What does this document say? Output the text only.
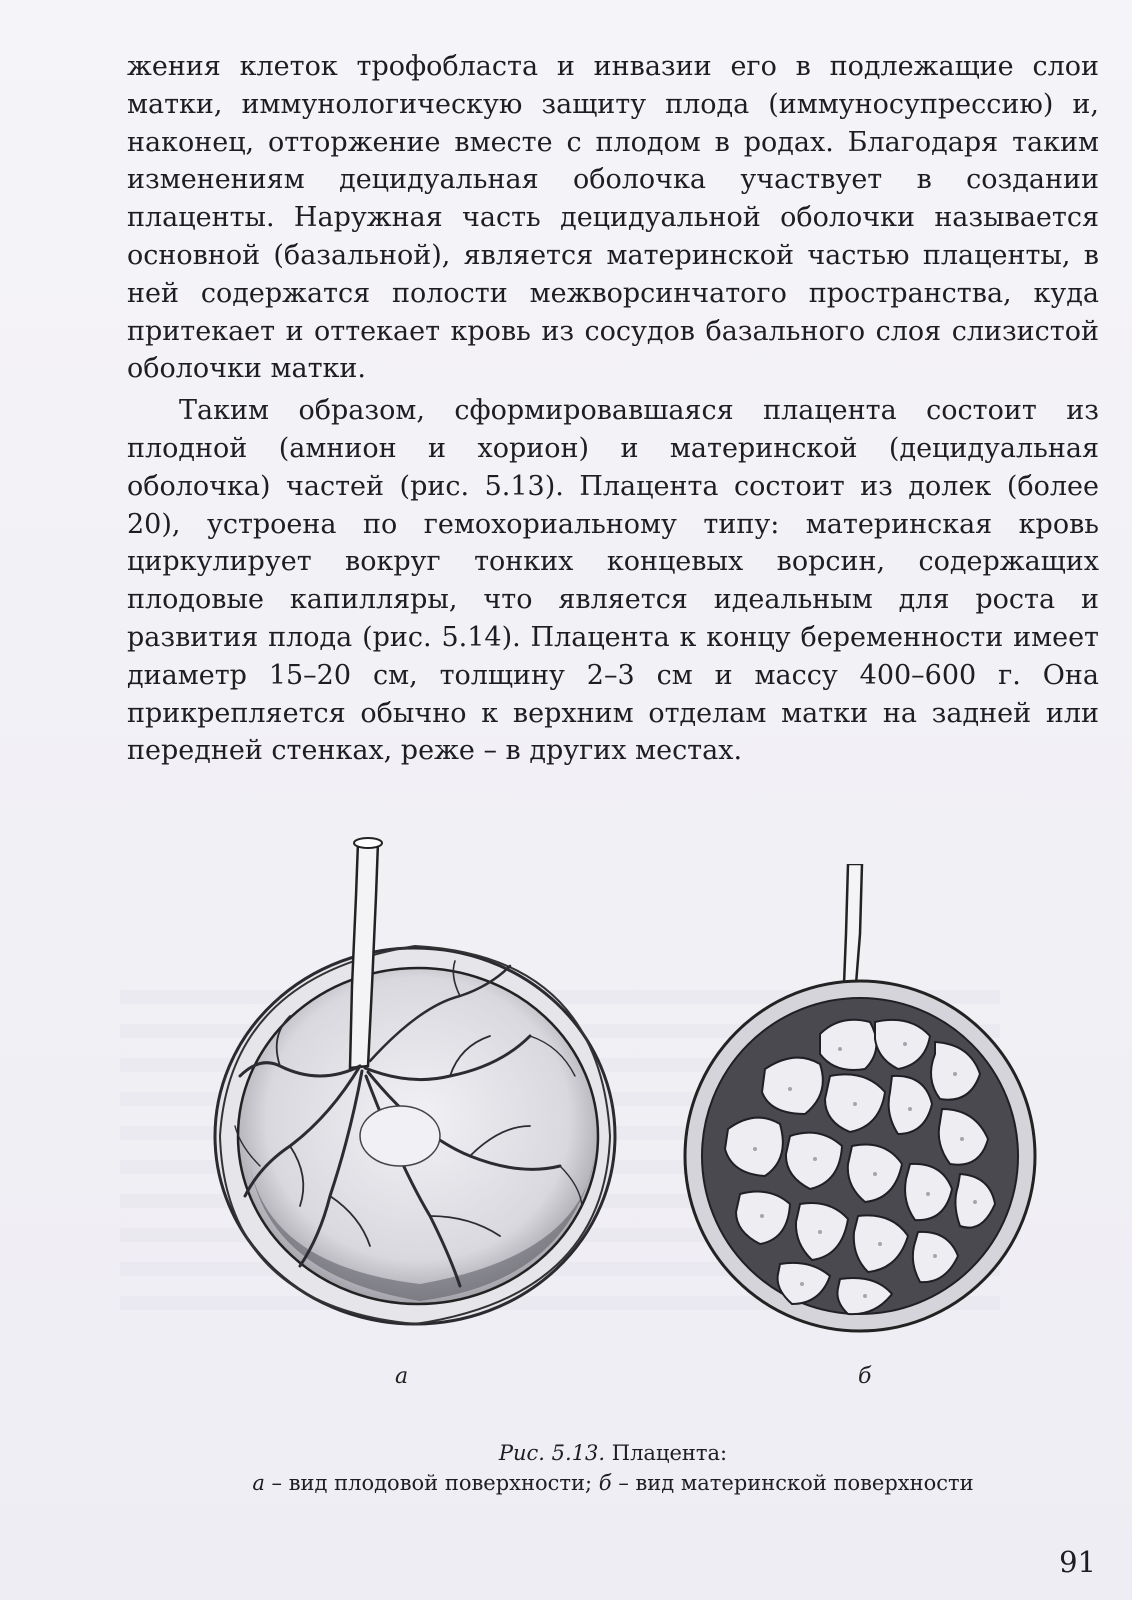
жения клеток трофобласта и инвазии его в подлежащие слои матки, иммунологическую защиту плода (иммуносупрессию) и, наконец, отторжение вместе с плодом в родах. Благодаря таким изменениям децидуальная оболочка участвует в создании плаценты. Наружная часть децидуальной оболочки называется основной (базальной), является материнской частью плаценты, в ней содержатся полости межворсинчатого пространства, куда притекает и оттекает кровь из сосудов базального слоя слизистой оболочки матки.

Таким образом, сформировавшаяся плацента состоит из плодной (амнион и хорион) и материнской (децидуальная оболочка) частей (рис. 5.13). Плацента состоит из долек (более 20), устроена по гемохориальному типу: материнская кровь циркулирует вокруг тонких концевых ворсин, содержащих плодовые капилляры, что является идеальным для роста и развития плода (рис. 5.14). Плацента к концу беременности имеет диаметр 15–20 см, толщину 2–3 см и массу 400–600 г. Она прикрепляется обычно к верхним отделам матки на задней или передней стенках, реже – в других местах.

а	б
Рис. 5.13. Плацента:
а – вид плодовой поверхности; б – вид материнской поверхности
91
